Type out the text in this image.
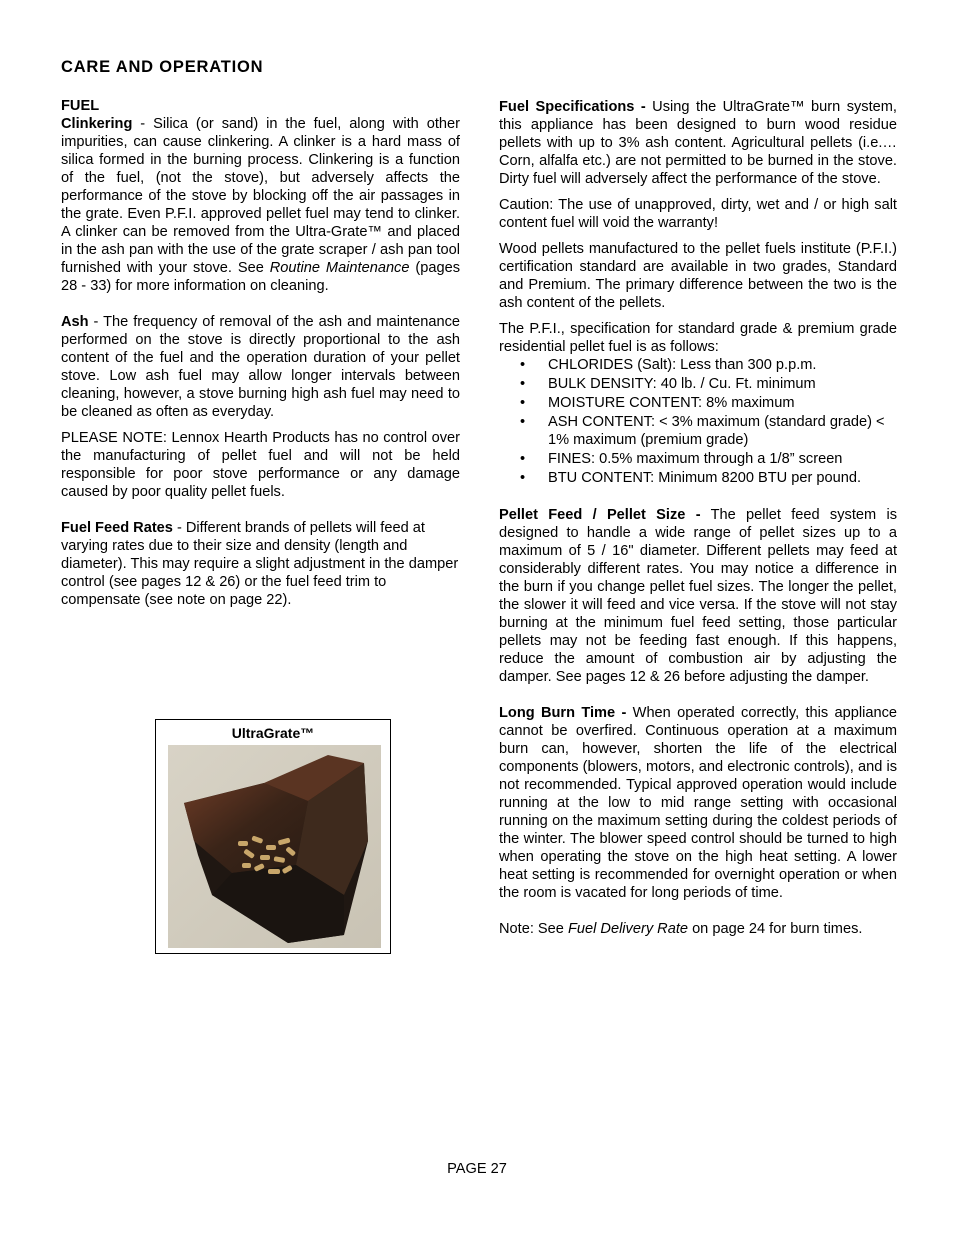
CARE AND OPERATION

FUEL

Clinkering - Silica (or sand) in the fuel, along with other impurities, can cause clinkering. A clinker is a hard mass of silica formed in the burning process. Clinkering is a function of the fuel, (not the stove), but adversely affects the performance of the stove by blocking off the air passages in the grate. Even P.F.I. approved pellet fuel may tend to clinker. A clinker can be removed from the Ultra-Grate™ and placed in the ash pan with the use of the grate scraper / ash pan tool furnished with your stove. See Routine Maintenance (pages 28 - 33) for more information on cleaning.

Ash - The frequency of removal of the ash and maintenance performed on the stove is directly proportional to the ash content of the fuel and the operation duration of your pellet stove. Low ash fuel may allow longer intervals between cleaning, however, a stove burning high ash fuel may need to be cleaned as often as everyday.

PLEASE NOTE: Lennox Hearth Products has no control over the manufacturing of pellet fuel and will not be held responsible for poor stove performance or any damage caused by poor quality pellet fuels.

Fuel Feed Rates - Different brands of pellets will feed at varying rates due to their size and density (length and diameter). This may require a slight adjustment in the damper control (see pages 12 & 26) or the fuel feed trim to compensate (see note on page 22).

UltraGrate™

Fuel Specifications - Using the UltraGrate™ burn system, this appliance has been designed to burn wood residue pellets with up to 3% ash content. Agricultural pellets (i.e.… Corn, alfalfa etc.) are not permitted to be burned in the stove. Dirty fuel will adversely affect the performance of the stove.

Caution: The use of unapproved, dirty, wet and / or high salt content fuel will void the warranty!

Wood pellets manufactured to the pellet fuels institute (P.F.I.) certification standard are available in two grades, Standard and Premium. The primary difference between the two is the ash content of the pellets.

The P.F.I., specification for standard grade & premium grade residential pellet fuel is as follows:

• CHLORIDES (Salt): Less than 300 p.p.m.
• BULK DENSITY: 40 lb. / Cu. Ft. minimum
• MOISTURE CONTENT: 8% maximum
• ASH CONTENT: < 3% maximum (standard grade) < 1% maximum (premium grade)
• FINES: 0.5% maximum through a 1/8” screen
• BTU CONTENT: Minimum 8200 BTU per pound.

Pellet Feed / Pellet Size - The pellet feed system is designed to handle a wide range of pellet sizes up to a maximum of 5 / 16" diameter. Different pellets may feed at considerably different rates. You may notice a difference in the burn if you change pellet fuel sizes. The longer the pellet, the slower it will feed and vice versa. If the stove will not stay burning at the minimum fuel feed setting, those particular pellets may not be feeding fast enough. If this happens, reduce the amount of combustion air by adjusting the damper. See pages 12 & 26 before adjusting the damper.

Long Burn Time - When operated correctly, this appliance cannot be overfired. Continuous operation at a maximum burn can, however, shorten the life of the electrical components (blowers, motors, and electronic controls), and is not recommended. Typical approved operation would include running at the low to mid range setting with occasional running on the maximum setting during the coldest periods of the winter. The blower speed control should be turned to high when operating the stove on the high heat setting. A lower heat setting is recommended for overnight operation or when the room is vacated for long periods of time.

Note: See Fuel Delivery Rate on page 24 for burn times.

PAGE 27
